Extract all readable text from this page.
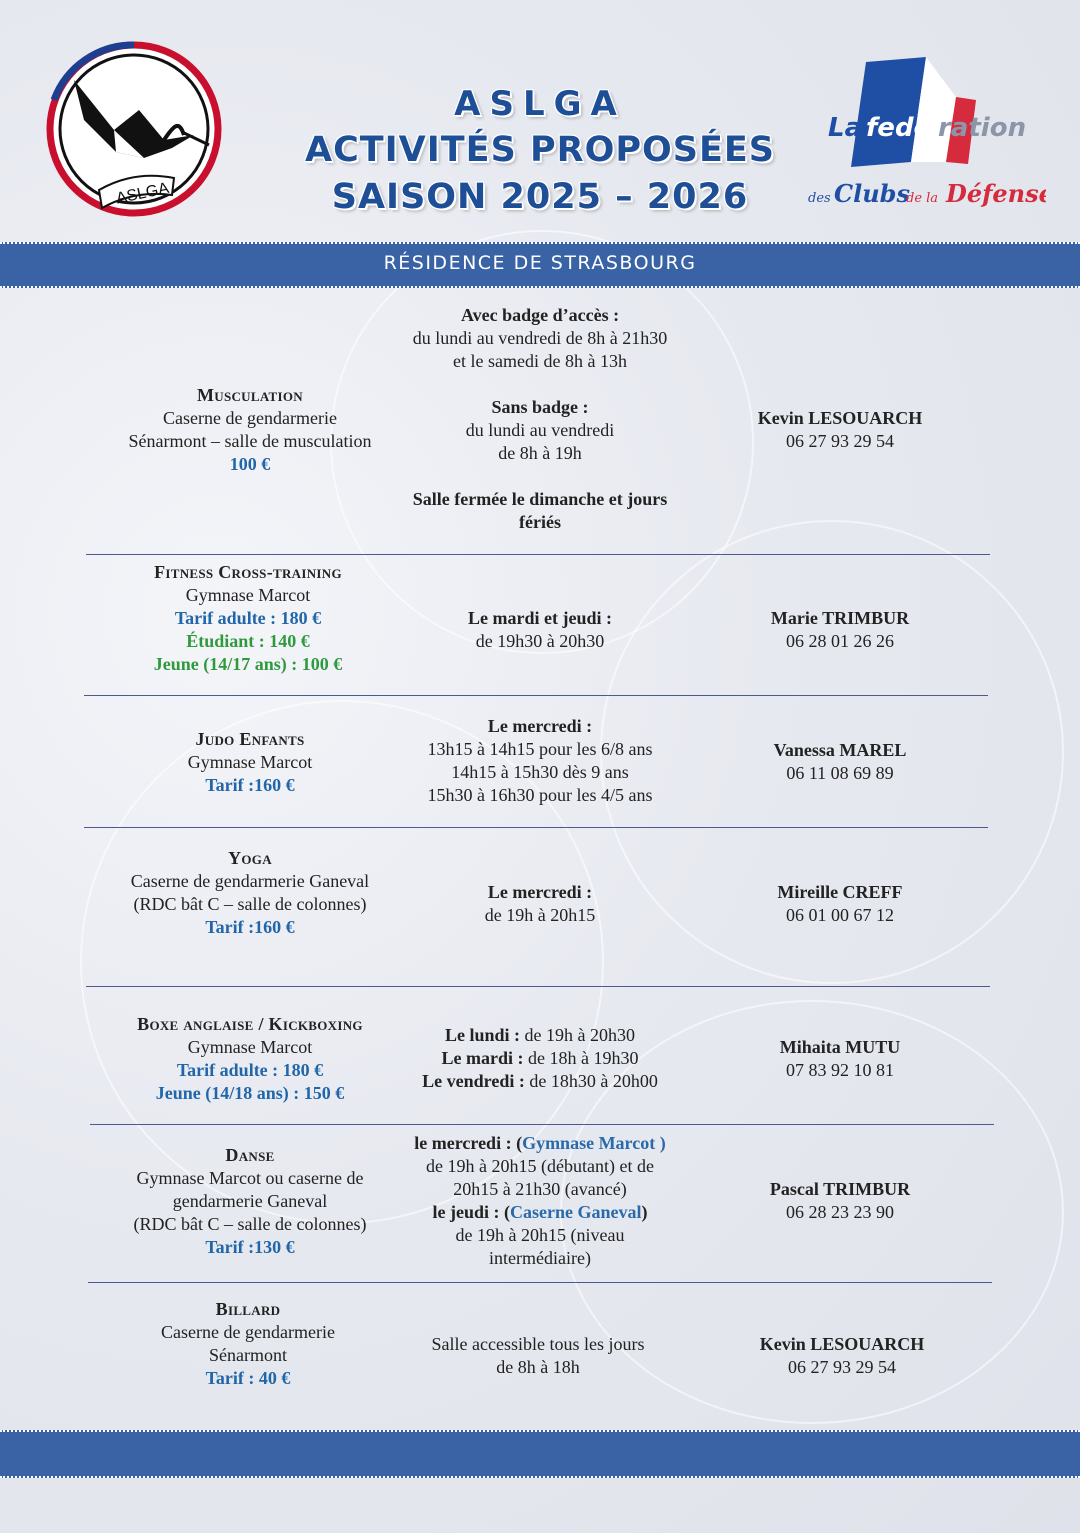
ASLGA
ASLGA
ACTIVITÉS PROPOSÉES
SAISON 2025 – 2026
La fede ration
des Clubs
de la Défense
RÉSIDENCE DE STRASBOURG
Musculation
Caserne de gendarmerie
Sénarmont – salle de musculation
100 €
Avec badge d’accès :
du lundi au vendredi de 8h à 21h30
et le samedi de 8h à 13h
Sans badge :
du lundi au vendredi
de 8h à 19h
Salle fermée le dimanche et jours
fériés
Kevin LESOUARCH
06 27 93 29 54
Fitness Cross-training
Gymnase Marcot
Tarif adulte : 180 €
Étudiant : 140 €
Jeune (14/17 ans) : 100 €
Le mardi et jeudi :
de 19h30 à 20h30
Marie TRIMBUR
06 28 01 26 26
Judo Enfants
Gymnase Marcot
Tarif :160 €
Le mercredi :
13h15 à 14h15 pour les 6/8 ans
14h15 à 15h30 dès 9 ans
15h30 à 16h30 pour les 4/5 ans
Vanessa MAREL
06 11 08 69 89
Yoga
Caserne de gendarmerie Ganeval
(RDC bât C – salle de colonnes)
Tarif :160 €
Le mercredi :
de 19h à 20h15
Mireille CREFF
06 01 00 67 12
Boxe anglaise / Kickboxing
Gymnase Marcot
Tarif adulte : 180 €
Jeune (14/18 ans) : 150 €
Le lundi : de 19h à 20h30
Le mardi : de 18h à 19h30
Le vendredi : de 18h30 à 20h00
Mihaita MUTU
07 83 92 10 81
Danse
Gymnase Marcot ou caserne de
gendarmerie Ganeval
(RDC bât C – salle de colonnes)
Tarif :130 €
le mercredi : (Gymnase Marcot )
de 19h à 20h15 (débutant) et de
20h15 à 21h30 (avancé)
le jeudi : (Caserne Ganeval)
de 19h à 20h15 (niveau
intermédiaire)
Pascal TRIMBUR
06 28 23 23 90
Billard
Caserne de gendarmerie
Sénarmont
Tarif : 40 €
Salle accessible tous les jours
de 8h à 18h
Kevin LESOUARCH
06 27 93 29 54
